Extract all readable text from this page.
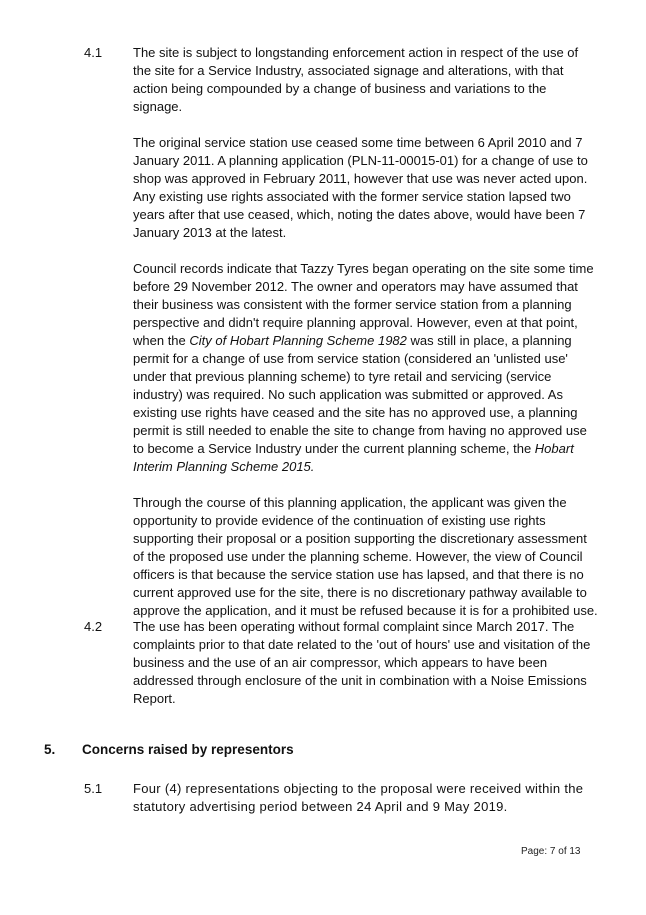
4.1 The site is subject to longstanding enforcement action in respect of the use of the site for a Service Industry, associated signage and alterations, with that action being compounded by a change of business and variations to the signage.

The original service station use ceased some time between 6 April 2010 and 7 January 2011. A planning application (PLN-11-00015-01) for a change of use to shop was approved in February 2011, however that use was never acted upon. Any existing use rights associated with the former service station lapsed two years after that use ceased, which, noting the dates above, would have been 7 January 2013 at the latest.

Council records indicate that Tazzy Tyres began operating on the site some time before 29 November 2012. The owner and operators may have assumed that their business was consistent with the former service station from a planning perspective and didn't require planning approval. However, even at that point, when the City of Hobart Planning Scheme 1982 was still in place, a planning permit for a change of use from service station (considered an 'unlisted use' under that previous planning scheme) to tyre retail and servicing (service industry) was required. No such application was submitted or approved. As existing use rights have ceased and the site has no approved use, a planning permit is still needed to enable the site to change from having no approved use to become a Service Industry under the current planning scheme, the Hobart Interim Planning Scheme 2015.

Through the course of this planning application, the applicant was given the opportunity to provide evidence of the continuation of existing use rights supporting their proposal or a position supporting the discretionary assessment of the proposed use under the planning scheme. However, the view of Council officers is that because the service station use has lapsed, and that there is no current approved use for the site, there is no discretionary pathway available to approve the application, and it must be refused because it is for a prohibited use.

4.2 The use has been operating without formal complaint since March 2017. The complaints prior to that date related to the 'out of hours' use and visitation of the business and the use of an air compressor, which appears to have been addressed through enclosure of the unit in combination with a Noise Emissions Report.

5. Concerns raised by representors
5.1 Four (4) representations objecting to the proposal were received within the statutory advertising period between 24 April and 9 May 2019.

Page: 7 of 13
